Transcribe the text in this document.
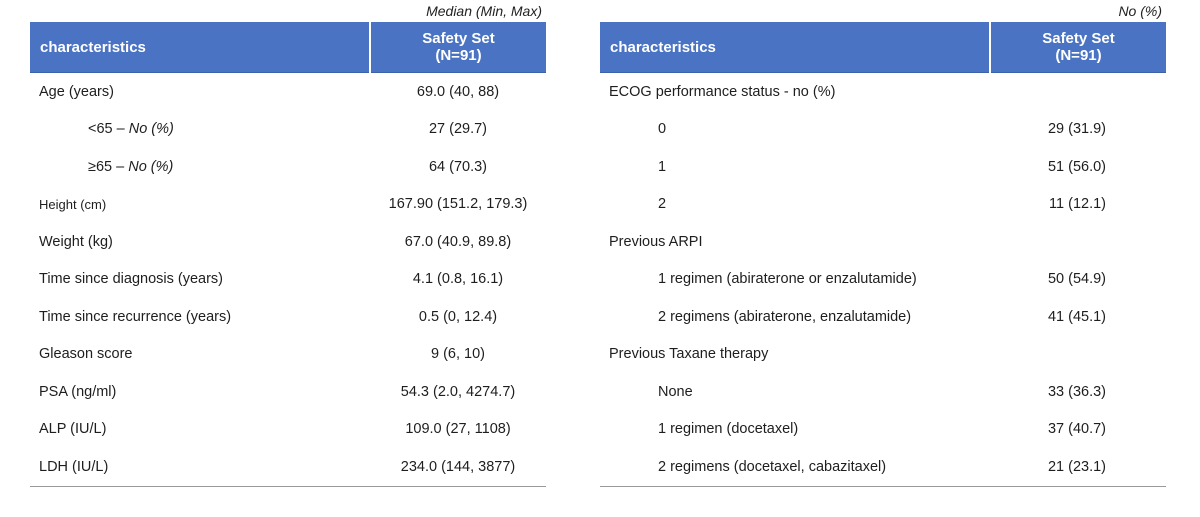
Median (Min, Max)
characteristics	Safety Set
(N=91)

Age (years)	69.0 (40, 88)
<65 – No (%)	27 (29.7)
≥65 – No (%)	64 (70.3)
Height (cm)	167.90 (151.2, 179.3)
Weight (kg)	67.0 (40.9, 89.8)
Time since diagnosis (years)	4.1 (0.8, 16.1)
Time since recurrence (years)	0.5 (0, 12.4)
Gleason score	9 (6, 10)
PSA (ng/ml)	54.3 (2.0, 4274.7)
ALP (IU/L)	109.0 (27, 1108)
LDH (IU/L)	234.0 (144, 3877)
No (%)
characteristics	Safety Set
(N=91)

ECOG performance status - no (%)	
0	29 (31.9)
1	51 (56.0)
2	11 (12.1)
Previous ARPI	
1 regimen (abiraterone or enzalutamide)	50 (54.9)
2 regimens (abiraterone, enzalutamide)	41 (45.1)
Previous Taxane therapy	
None	33 (36.3)
1 regimen (docetaxel)	37 (40.7)
2 regimens (docetaxel, cabazitaxel)	21 (23.1)
